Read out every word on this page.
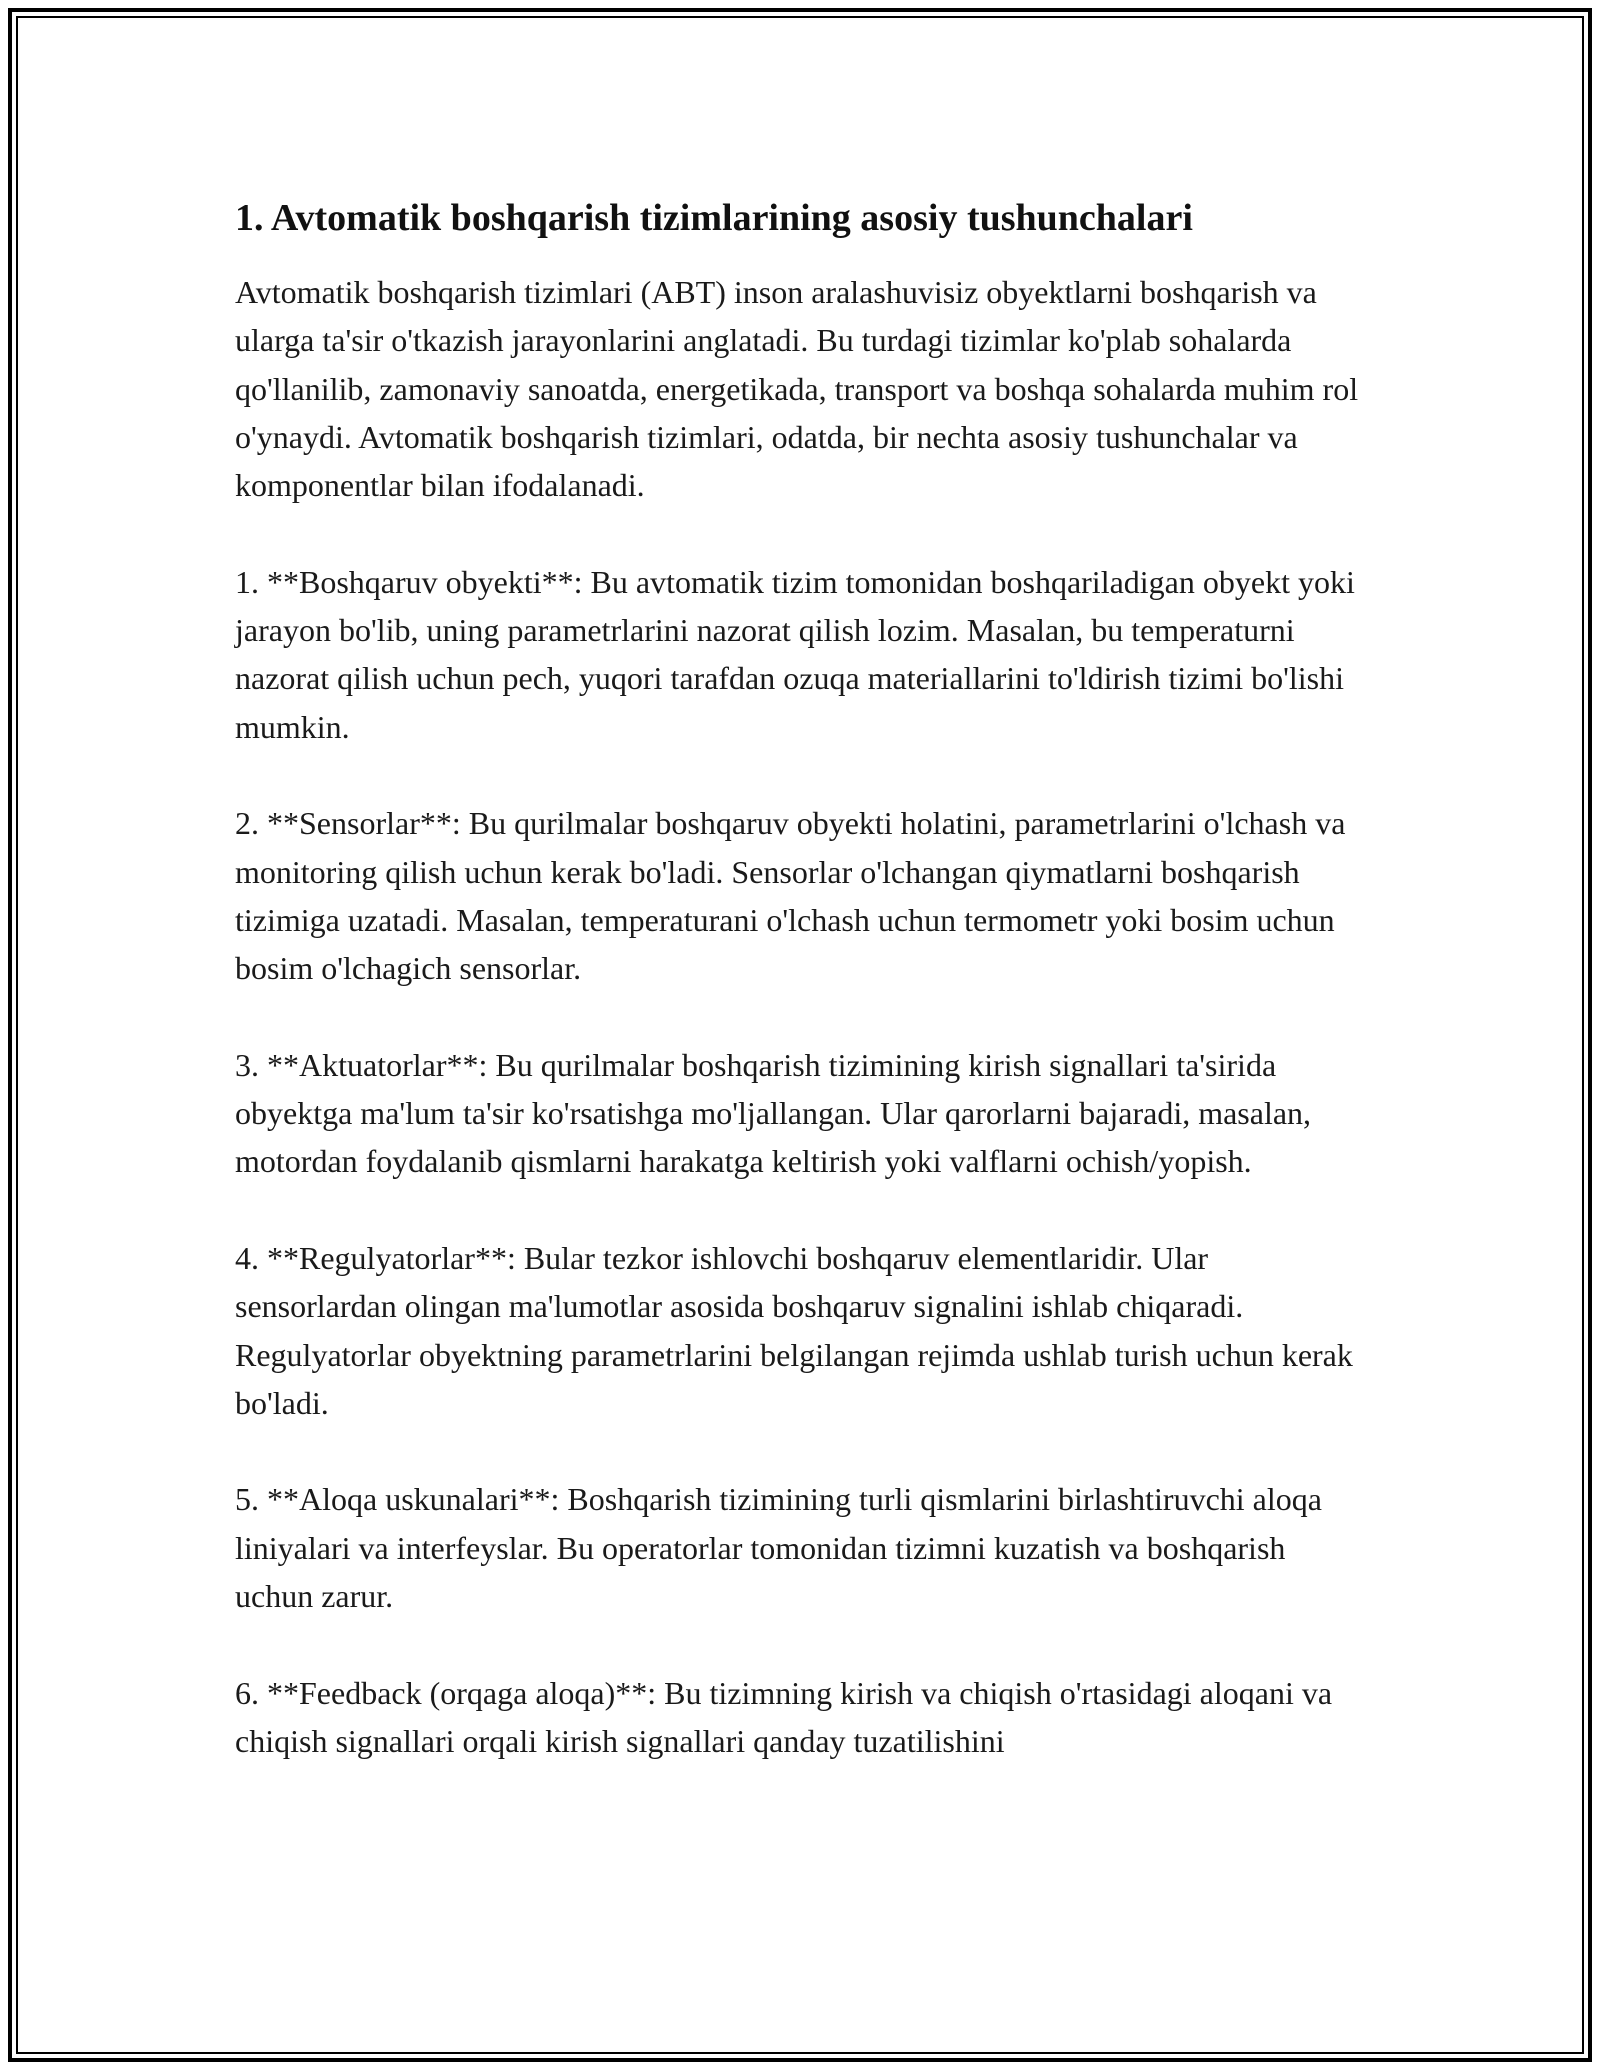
1. Avtomatik boshqarish tizimlarining asosiy tushunchalari

Avtomatik boshqarish tizimlari (ABT) inson aralashuvisiz obyektlarni boshqarish va ularga ta'sir o'tkazish jarayonlarini anglatadi. Bu turdagi tizimlar ko'plab sohalarda qo'llanilib, zamonaviy sanoatda, energetikada, transport va boshqa sohalarda muhim rol o'ynaydi. Avtomatik boshqarish tizimlari, odatda, bir nechta asosiy tushunchalar va komponentlar bilan ifodalanadi.

1. **Boshqaruv obyekti**: Bu avtomatik tizim tomonidan boshqariladigan obyekt yoki jarayon bo'lib, uning parametrlarini nazorat qilish lozim. Masalan, bu temperaturni nazorat qilish uchun pech, yuqori tarafdan ozuqa materiallarini to'ldirish tizimi bo'lishi mumkin.

2. **Sensorlar**: Bu qurilmalar boshqaruv obyekti holatini, parametrlarini o'lchash va monitoring qilish uchun kerak bo'ladi. Sensorlar o'lchangan qiymatlarni boshqarish tizimiga uzatadi. Masalan, temperaturani o'lchash uchun termometr yoki bosim uchun bosim o'lchagich sensorlar.

3. **Aktuatorlar**: Bu qurilmalar boshqarish tizimining kirish signallari ta'sirida obyektga ma'lum ta'sir ko'rsatishga mo'ljallangan. Ular qarorlarni bajaradi, masalan, motordan foydalanib qismlarni harakatga keltirish yoki valflarni ochish/yopish.

4. **Regulyatorlar**: Bular tezkor ishlovchi boshqaruv elementlaridir. Ular sensorlardan olingan ma'lumotlar asosida boshqaruv signalini ishlab chiqaradi. Regulyatorlar obyektning parametrlarini belgilangan rejimda ushlab turish uchun kerak bo'ladi.

5. **Aloqa uskunalari**: Boshqarish tizimining turli qismlarini birlashtiruvchi aloqa liniyalari va interfeyslar. Bu operatorlar tomonidan tizimni kuzatish va boshqarish uchun zarur.

6. **Feedback (orqaga aloqa)**: Bu tizimning kirish va chiqish o'rtasidagi aloqani va chiqish signallari orqali kirish signallari qanday tuzatilishini
